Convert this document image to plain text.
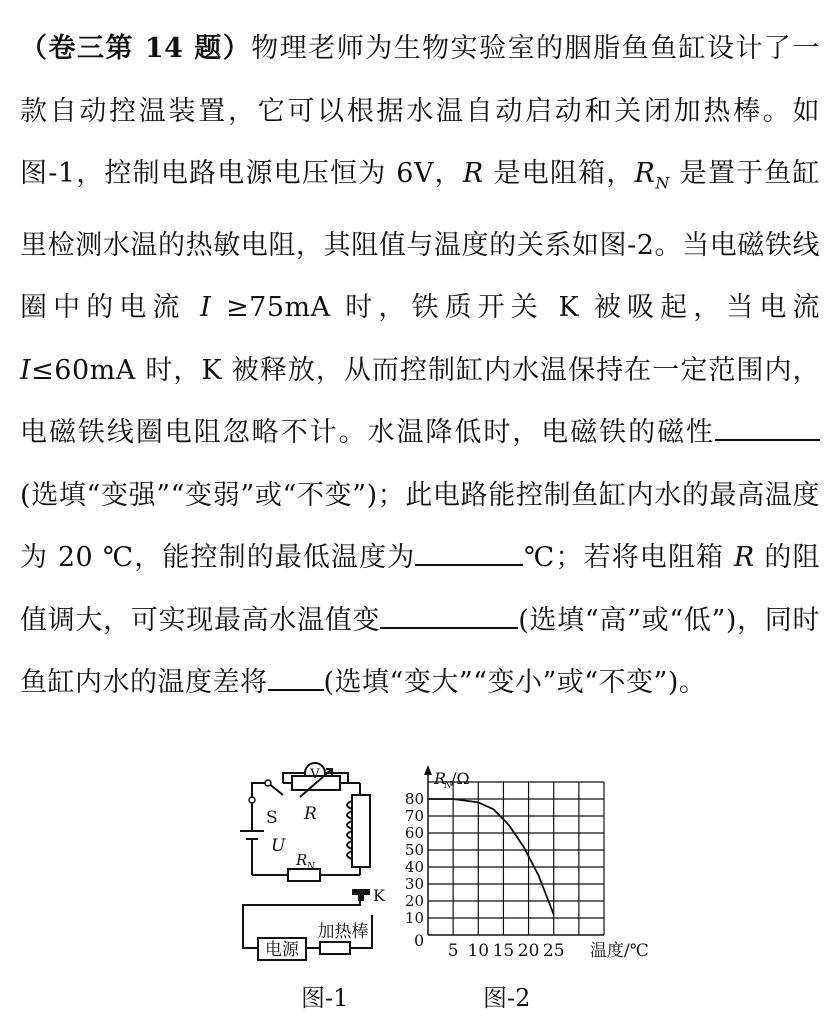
（卷三第 14 题）物理老师为生物实验室的胭脂鱼鱼缸设计了一款自动控温装置，它可以根据水温自动启动和关闭加热棒。如图-1，控制电路电源电压恒为 6V，R 是电阻箱，$R_N$ 是置于鱼缸里检测水温的热敏电阻，其阻值与温度的关系如图-2。当电磁铁线圈中的电流 I ≥75mA 时，铁质开关 K 被吸起，当电流 I≤60mA 时，K 被释放，从而控制缸内水温保持在一定范围内，电磁铁线圈电阻忽略不计。水温降低时，电磁铁的磁性(选填“变强”“变弱”或“不变”)；此电路能控制鱼缸内水的最高温度为 20 ℃，能控制的最低温度为	℃；若将电阻箱 R 的阻值调大，可实现最高水温值变	(选填“高”或“低”)，同时鱼缸内水的温度差将 (选填“变大”“变小”或“不变”)。

V
S R
U
R N
K
电源
加热棒
R
N /Ω
0
5 10 15 20 25
10
20
30
40
50
60
70
80
温度/℃
图-1	图-2
